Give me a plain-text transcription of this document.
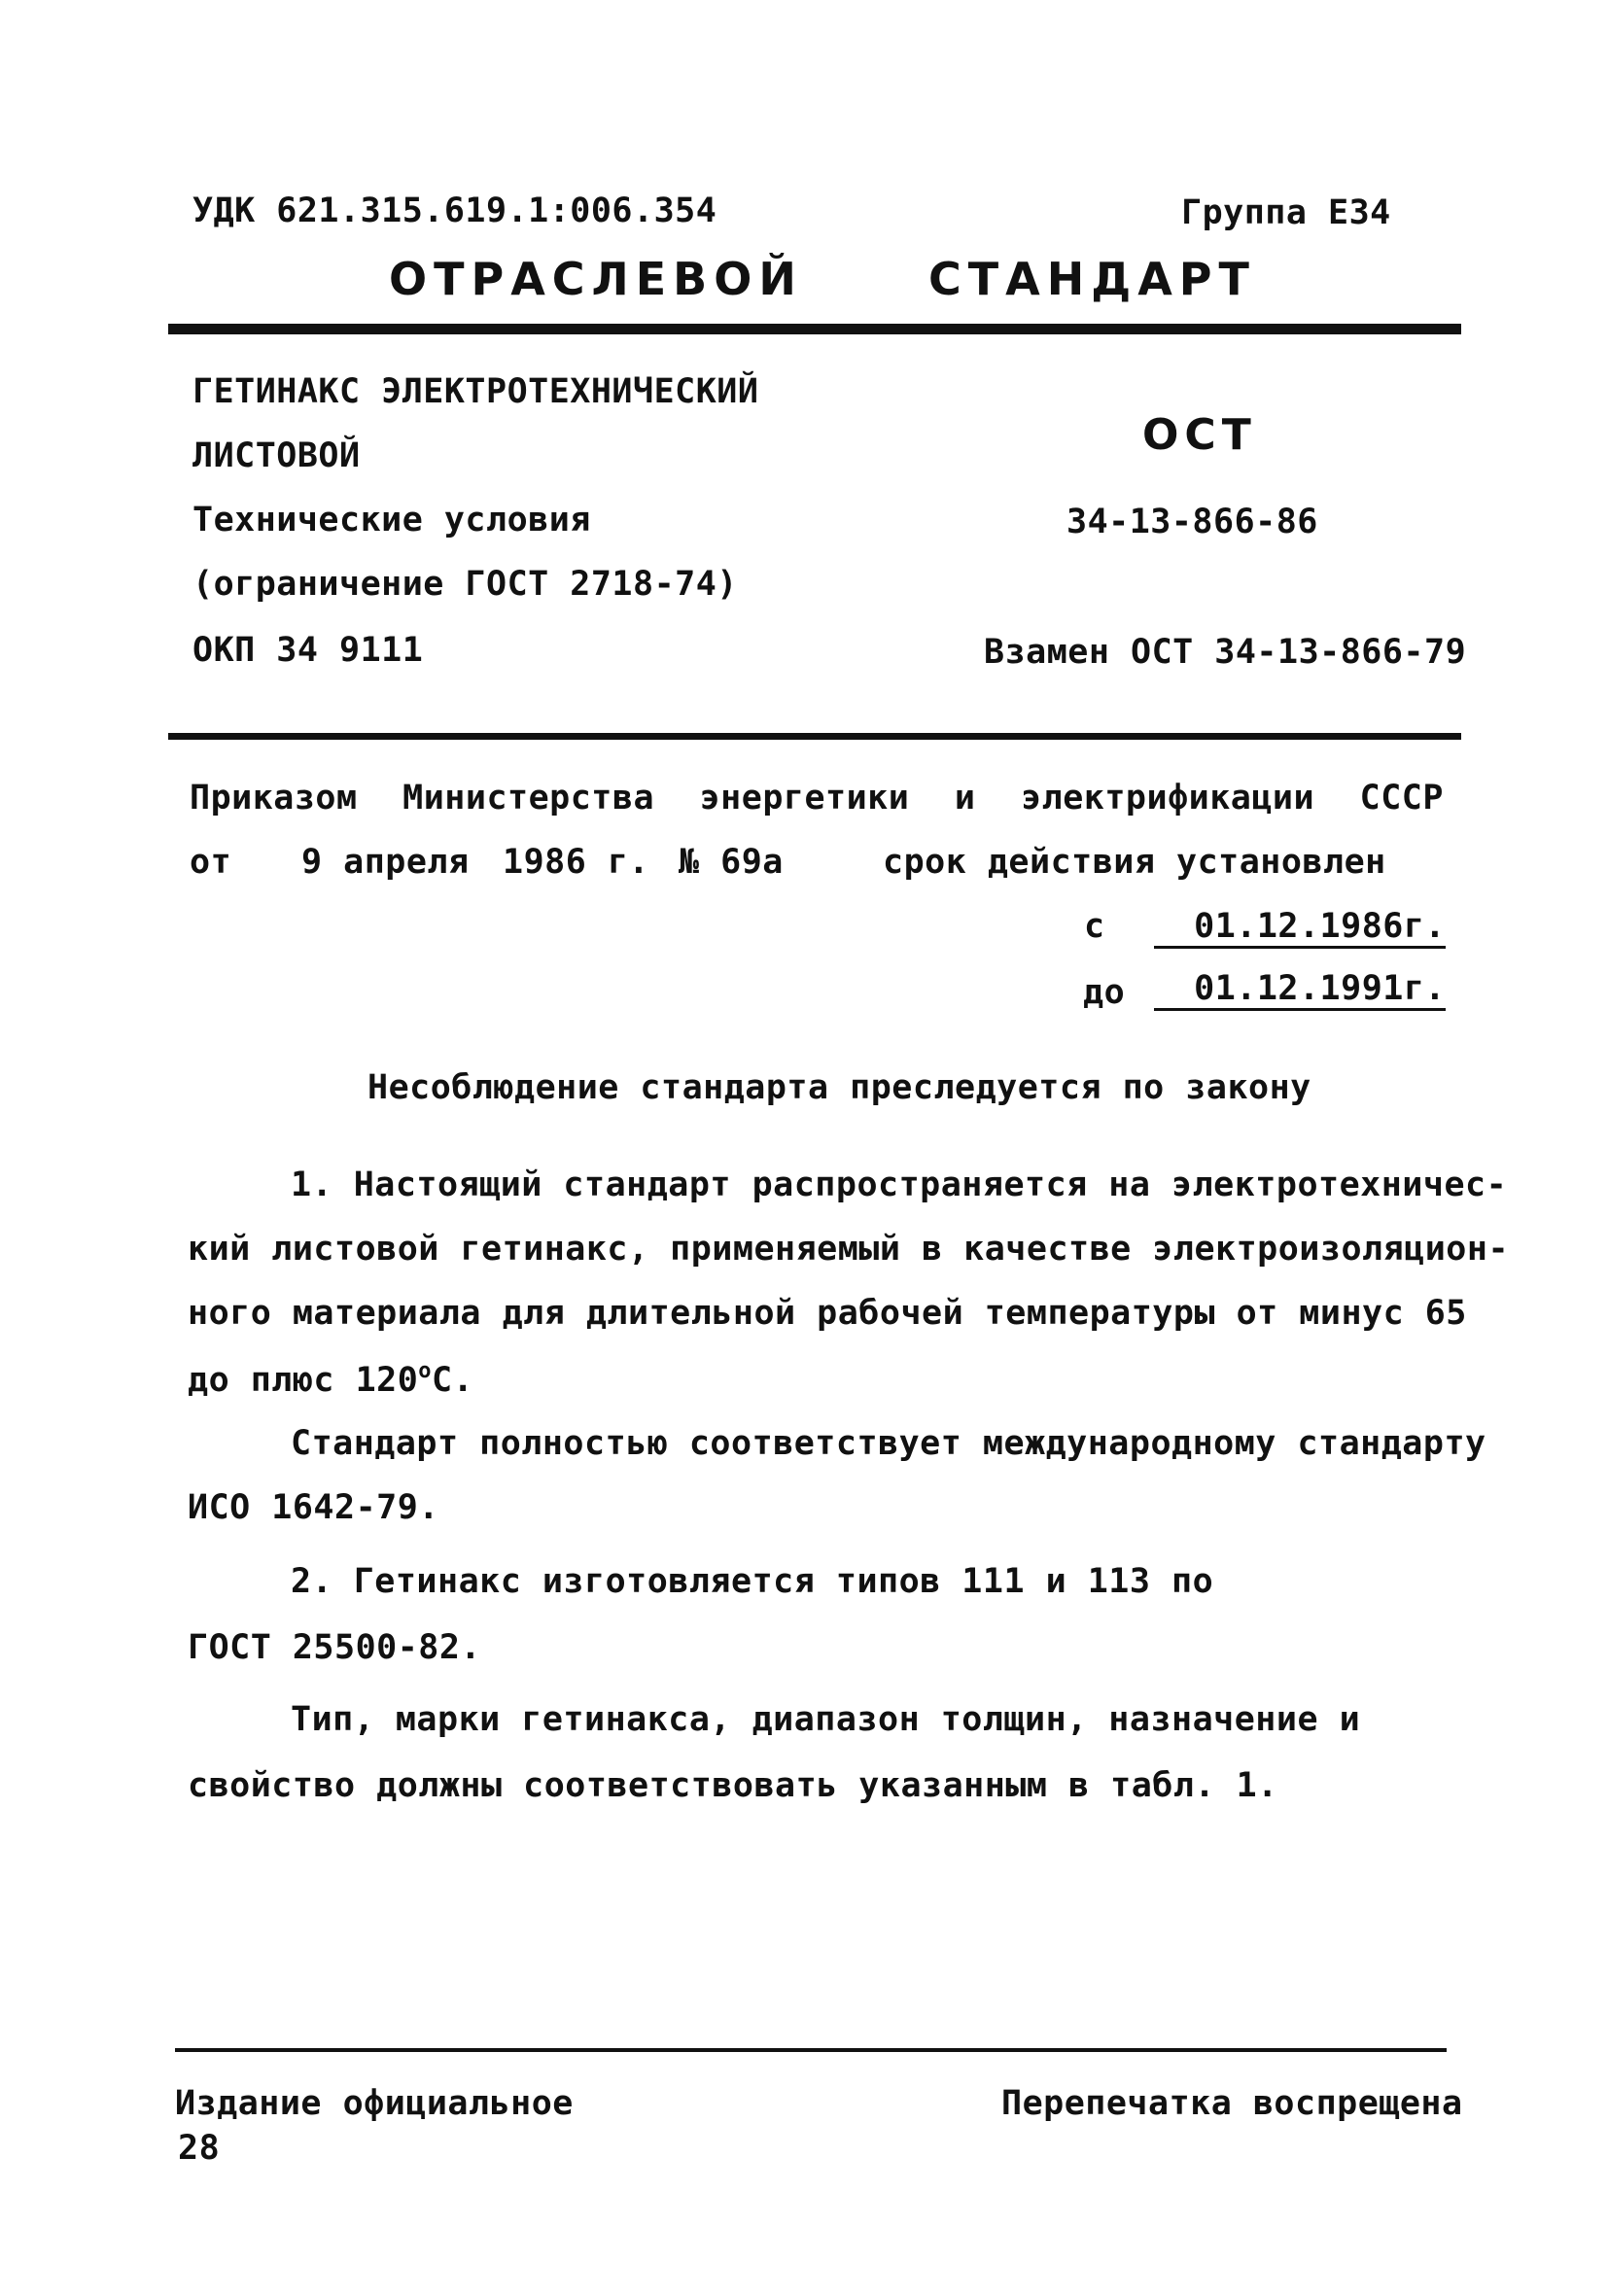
УДК 621.315.619.1:006.354	Группа Е34
ОТРАСЛЕВОЙ	СТАНДАРТ
ГЕТИНАКС ЭЛЕКТРОТЕХНИЧЕСКИЙ
ЛИСТОВОЙ
Технические условия
(ограничение ГОСТ 2718-74)
ОКП 34 9111
ОСТ
34-13-866-86
Взамен ОСТ 34-13-866-79
Приказом Министерства энергетики и электрификации СССР
от 9 апреля 1986 г. № 69а	срок действия установлен
с	01.12.1986г.
до	01.12.1991г.
Несоблюдение стандарта преследуется по закону
1. Настоящий стандарт распространяется на электротехничес-
кий листовой гетинакс, применяемый в качестве электроизоляцион-
ного материала для длительной рабочей температуры от минус 65
до плюс $120^оС$.
Стандарт полностью соответствует международному стандарту
ИСО 1642-79.
2. Гетинакс изготовляется типов 111 и 113 по
ГОСТ 25500-82.
Тип, марки гетинакса, диапазон толщин, назначение и
свойство должны соответствовать указанным в табл. 1.
Издание официальное	Перепечатка воспрещена
28
